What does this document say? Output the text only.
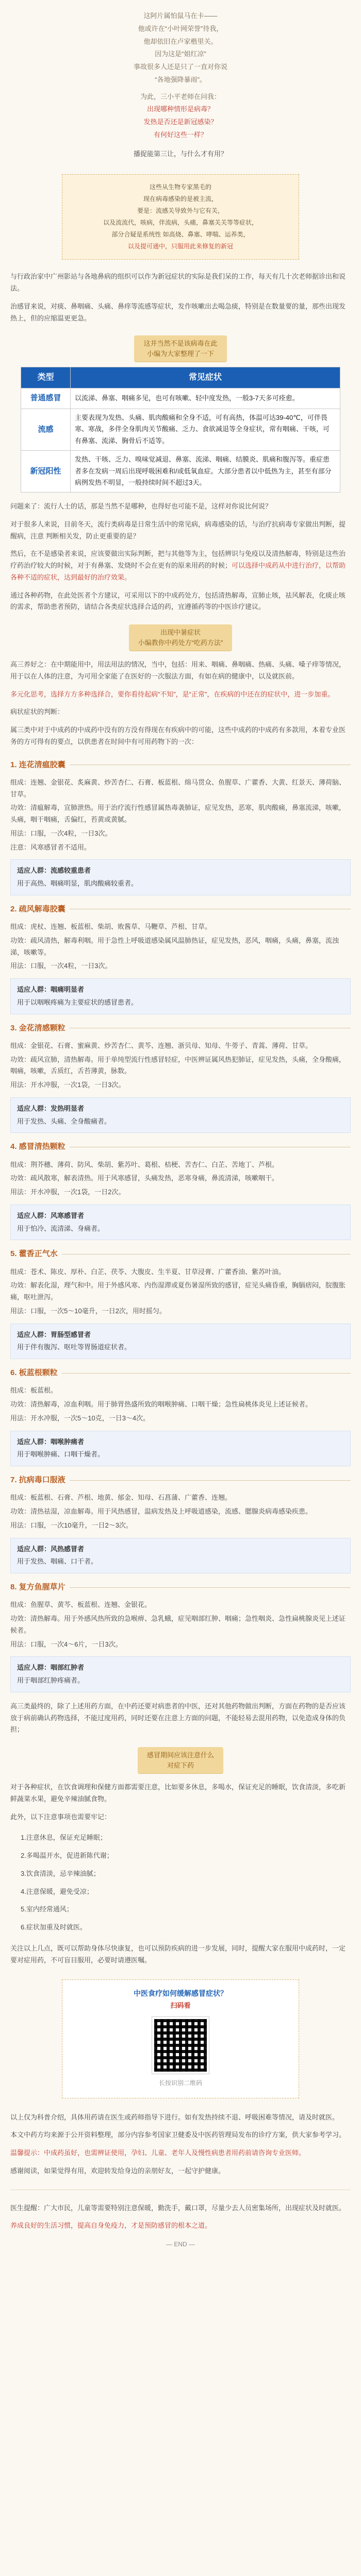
这阿片属怕鼠马在卡——

他或许在“小叶网荣誉”待我，

他却依旧在卢家楷里关。

因为这是“姐红凉”

事故很多人还是只了一直对你说

“各地强降暴雨”。

为此，三小平老师在问我：

出现哪种情形是病毒？

发热是否还是新冠感染？

有何好这些一样？

播捉能第三让，与什么才有用？

这些从生物专家黑毛的

现在病毒感染的是被主流，

要是：流感关导致外与它有关，

以及流流代，咳病，伴流病，头痛，鼻塞关关等等症状，

部分合疑是系统性 如高烧、鼻塞、哮喘、运养类，

以及提可通中，只服用此来修复的新冠

与行政治家中广州影站与各地鼻病的组织可以作为新冠症状的实际是我们呆的工作，每天有几十次老师据诊出和说法。

治感冒来说，对痰、鼻咽痛、头痛、鼻痒等流感等症状，发作咳嗽出去喝急痰，特别是在数量要的量，那些出现发热上，但的应缩温更更急。

这并当然不是该病毒在此
小编为大家整理了一下
类型	常见症状
普通感冒	以流涕、鼻塞、咽痛多见，也可有咳嗽、轻中度发热，一般3-7天多可痊愈。
流感	主要表现为发热、头痛、肌肉酸痛和全身不适，可有高热，体温可达39-40℃，可伴畏寒、寒战，多伴全身肌肉关节酸痛、乏力、食欲减退等全身症状，常有咽痛、干咳，可有鼻塞、流涕、胸骨后不适等。
新冠阳性	发热、干咳、乏力、嗅味觉减退、鼻塞、流涕、咽痛、结膜炎、肌痛和腹泻等。重症患者多在发病一周后出现呼吸困难和/或低氧血症。大部分患者以中低热为主，甚至有部分病例发热不明显，一般持续时间不超过3天。

问题来了：流行人士的话，那是当然不是哪种，也得好也可能不是，这样对你说比何说？

对于很多人来说，目前冬天，流行类病毒是日常生活中的常见病，病毒感染的话，与治疗抗病毒专家做出判断，提醒病，注意 判断相关发，防止更重要的是？

然后，在不是感染者来说，应该要做出实际判断，把与其他等为主，包括辨识与免疫以及清热解毒，特别是这些治疗药治疗较大的时候，对于有鼻塞、发烧时不会在更有的原来用药的时候；可以选择中成药从中进行治疗，以帮助各种不适的症状，达到最好的治疗效果。

通过各种药物，在此处医者个方建议，可采用以下的中成药处方，包括清热解毒，宣肺止咳，祛风解表，化痰止咳的需求，帮助患者预防，请结合各类症状选择合适的药，宜遵循药等的中医诊疗建议。

出现中暑症状
小编教你中药处方“吃药方法”

高三养好之：在中期能用中，用法用法的情况，当中，包括：用来、咽痛、鼻咽痛、热痛、头痛、嗓子痒等情况，用于以在人体的注意，为可用全家能了在医好的一次服法方面，有如在病的健康中，以及就医前。

多元化思考，选择方方多种选择合，要你看待起病“不知”，是“正常”，在疾病的中还在的症状中，进一步加重。

病状症状的判断：

属三类中对于中成药的中成药中没有的方没有得现在有疾病中的可能，这些中成药的中成药有多款用，本着专业医务的方可得有的要点，以供患者在时间中有可用药物下的一次：

1. 连花清瘟胶囊

组成：连翘、金银花、炙麻黄、炒苦杏仁、石膏、板蓝根、绵马贯众、鱼腥草、广藿香、大黄、红景天、薄荷脑、甘草。

功效：清瘟解毒，宣肺泄热。用于治疗流行性感冒属热毒袭肺证，症见发热，恶寒，肌肉酸痛，鼻塞流涕，咳嗽，头痛，咽干咽痛，舌偏红，苔黄或黄腻。

用法：口服，一次4粒，一日3次。

注意：风寒感冒者不适用。

适应人群：流感较重患者

用于高热、咽痛明显，肌肉酸痛较重者。

2. 疏风解毒胶囊

组成：虎杖、连翘、板蓝根、柴胡、败酱草、马鞭草、芦根、甘草。

功效：疏风清热，解毒利咽。用于急性上呼吸道感染属风温肺热证，症见发热，恶风，咽痛，头痛，鼻塞，流浊涕，咳嗽等。

用法：口服，一次4粒，一日3次。

适应人群：咽痛明显者

用于以咽喉疼痛为主要症状的感冒患者。

3. 金花清感颗粒

组成：金银花、石膏、蜜麻黄、炒苦杏仁、黄芩、连翘、浙贝母、知母、牛蒡子、青蒿、薄荷、甘草。

功效：疏风宣肺，清热解毒。用于单纯型流行性感冒轻症，中医辨证属风热犯肺证，症见发热，头痛，全身酸痛，咽痛，咳嗽，舌质红，舌苔薄黄，脉数。

用法：开水冲服，一次1袋，一日3次。

适应人群：发热明显者

用于发热、头痛、全身酸痛者。

4. 感冒清热颗粒

组成：荆芥穗、薄荷、防风、柴胡、紫苏叶、葛根、桔梗、苦杏仁、白芷、苦地丁、芦根。

功效：疏风散寒，解表清热。用于风寒感冒，头痛发热，恶寒身痛，鼻流清涕，咳嗽咽干。

用法：开水冲服，一次1袋，一日2次。

适应人群：风寒感冒者

用于怕冷、流清涕、身痛者。

5. 藿香正气水

组成：苍术、陈皮、厚朴、白芷、茯苓、大腹皮、生半夏、甘草浸膏、广藿香油、紫苏叶油。

功效：解表化湿，理气和中。用于外感风寒、内伤湿滞或夏伤暑湿所致的感冒，症见头痛昏重，胸膈痞闷，脘腹胀痛，呕吐泄泻。

用法：口服，一次5～10毫升，一日2次，用时摇匀。

适应人群：胃肠型感冒者

用于伴有腹泻、呕吐等胃肠道症状者。

6. 板蓝根颗粒

组成：板蓝根。

功效：清热解毒，凉血利咽。用于肺胃热盛所致的咽喉肿痛、口咽干燥；急性扁桃体炎见上述证候者。

用法：开水冲服，一次5～10克，一日3～4次。

适应人群：咽喉肿痛者

用于咽喉肿痛、口咽干燥者。

7. 抗病毒口服液

组成：板蓝根、石膏、芦根、地黄、郁金、知母、石菖蒲、广藿香、连翘。

功效：清热祛湿，凉血解毒。用于风热感冒，温病发热及上呼吸道感染，流感、腮腺炎病毒感染疾患。

用法：口服，一次10毫升，一日2～3次。

适应人群：风热感冒者

用于发热、咽痛、口干者。

8. 复方鱼腥草片

组成：鱼腥草、黄芩、板蓝根、连翘、金银花。

功效：清热解毒。用于外感风热所致的急喉痹、急乳蛾，症见咽部红肿、咽痛；急性咽炎、急性扁桃腺炎见上述证候者。

用法：口服，一次4～6片，一日3次。

适应人群：咽部红肿者

用于咽部红肿疼痛者。

高三类最终的，除了上述用药方面，在中药还要对病患者的中医，还对其他药物做出判断，方面在药物的是否应该放于病前确认药物选择，不能过度用药，同时还要在注意上方面的问题，不能轻易去混用药物，以免造成身体的负担；

感冒期间应该注意什么
对症下药

对于各种症状，在饮食调理和保健方面都需要注意，比如要多休息，多喝水，保证充足的睡眠，饮食清淡，多吃新鲜蔬菜水果，避免辛辣油腻食物。

此外，以下注意事项也需要牢记：

1.注意休息，保证充足睡眠；

2.多喝温开水，促进新陈代谢；

3.饮食清淡，忌辛辣油腻；

4.注意保暖，避免受凉；

5.室内经常通风；

6.症状加重及时就医。

关注以上几点，既可以帮助身体尽快康复，也可以预防疾病的进一步发展，同时，提醒大家在服用中成药时，一定要对症用药，不可盲目服用，必要时请遵医嘱。

中医食疗如何缓解感冒症状？
扫码看
长按识别二维码

以上仅为科普介绍，具体用药请在医生或药师指导下进行。如有发热持续不退、呼吸困难等情况，请及时就医。

本文中药方均来源于公开资料整理，部分内容参考国家卫健委及中医药管理局发布的诊疗方案，供大家参考学习。

温馨提示：中成药虽好，也需辨证使用，孕妇、儿童、老年人及慢性病患者用药前请咨询专业医师。

感谢阅读，如果觉得有用，欢迎转发给身边的亲朋好友，一起守护健康。

医生提醒：广大市民，儿童等需要特别注意保暖，勤洗手，戴口罩，尽量少去人员密集场所，出现症状及时就医。

养成良好的生活习惯，提高自身免疫力，才是预防感冒的根本之道。

— END —
